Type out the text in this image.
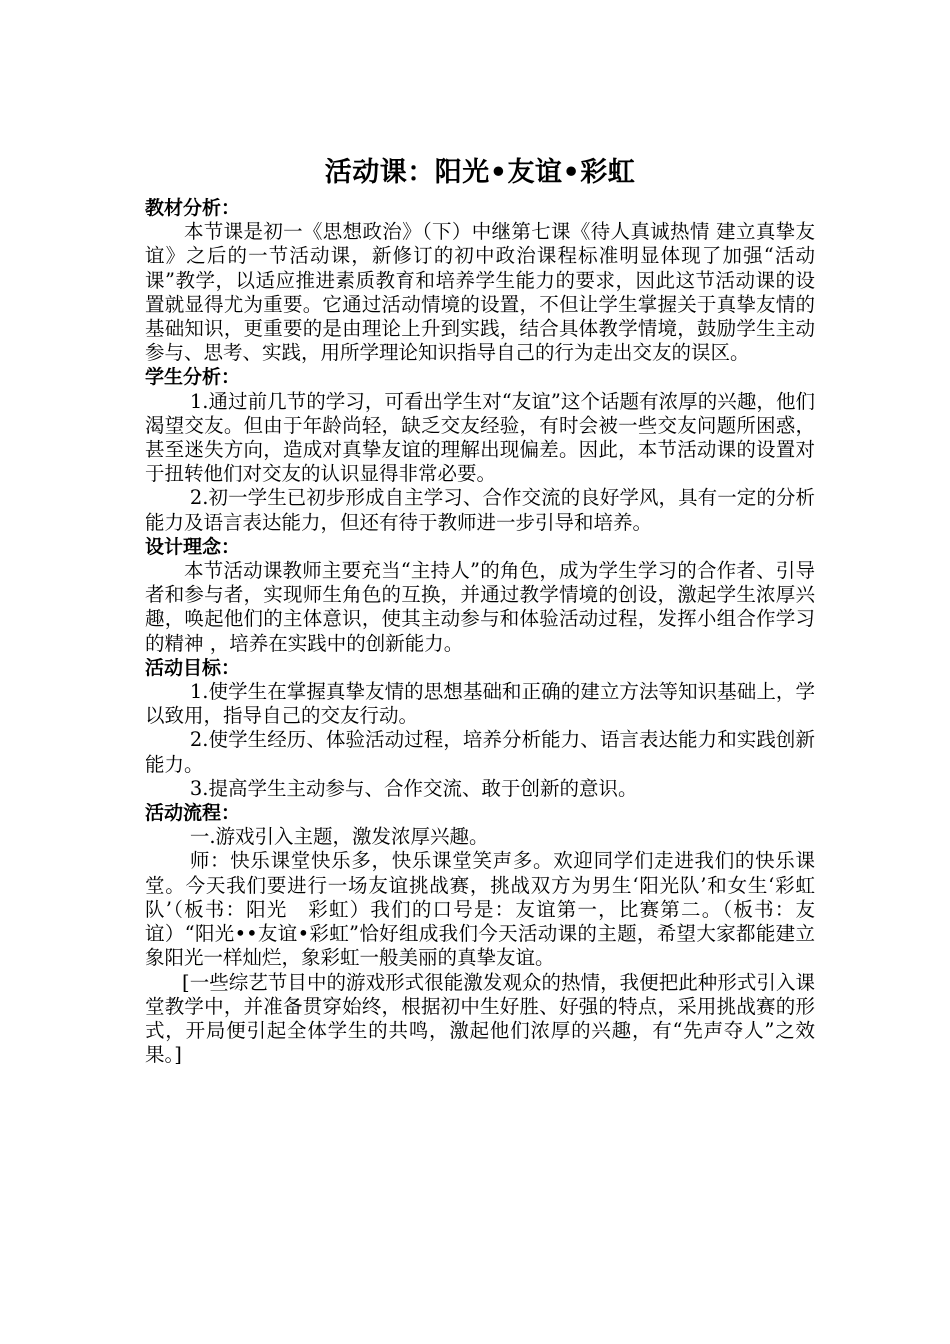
活动课：阳光•友谊•彩虹
教材分析：

本节课是初一《思想政治》（下）中继第七课《待人真诚热情 建立真挚友谊》之后的一节活动课，新修订的初中政治课程标准明显体现了加强“活动课”教学，以适应推进素质教育和培养学生能力的要求，因此这节活动课的设置就显得尤为重要。它通过活动情境的设置，不但让学生掌握关于真挚友情的基础知识，更重要的是由理论上升到实践，结合具体教学情境，鼓励学生主动参与、思考、实践，用所学理论知识指导自己的行为走出交友的误区。

学生分析：

1.通过前几节的学习，可看出学生对“友谊”这个话题有浓厚的兴趣，他们渴望交友。但由于年龄尚轻，缺乏交友经验，有时会被一些交友问题所困惑，甚至迷失方向，造成对真挚友谊的理解出现偏差。因此，本节活动课的设置对于扭转他们对交友的认识显得非常必要。

2.初一学生已初步形成自主学习、合作交流的良好学风，具有一定的分析能力及语言表达能力，但还有待于教师进一步引导和培养。

设计理念：

本节活动课教师主要充当“主持人”的角色，成为学生学习的合作者、引导者和参与者，实现师生角色的互换，并通过教学情境的创设，激起学生浓厚兴趣，唤起他们的主体意识，使其主动参与和体验活动过程，发挥小组合作学习的精神 ，培养在实践中的创新能力。

活动目标：

1.使学生在掌握真挚友情的思想基础和正确的建立方法等知识基础上，学以致用，指导自己的交友行动。

2.使学生经历、体验活动过程，培养分析能力、语言表达能力和实践创新能力。

3.提高学生主动参与、合作交流、敢于创新的意识。

活动流程：

一.游戏引入主题，激发浓厚兴趣。

师：快乐课堂快乐多，快乐课堂笑声多。欢迎同学们走进我们的快乐课堂。今天我们要进行一场友谊挑战赛，挑战双方为男生‘阳光队’和女生‘彩虹队’（板书：阳光　彩虹）我们的口号是：友谊第一，比赛第二。（板书：友谊）“阳光••友谊•彩虹”恰好组成我们今天活动课的主题，希望大家都能建立象阳光一样灿烂，象彩虹一般美丽的真挚友谊。

[一些综艺节目中的游戏形式很能激发观众的热情，我便把此种形式引入课堂教学中，并准备贯穿始终，根据初中生好胜、好强的特点，采用挑战赛的形式，开局便引起全体学生的共鸣，激起他们浓厚的兴趣，有“先声夺人”之效果。]
